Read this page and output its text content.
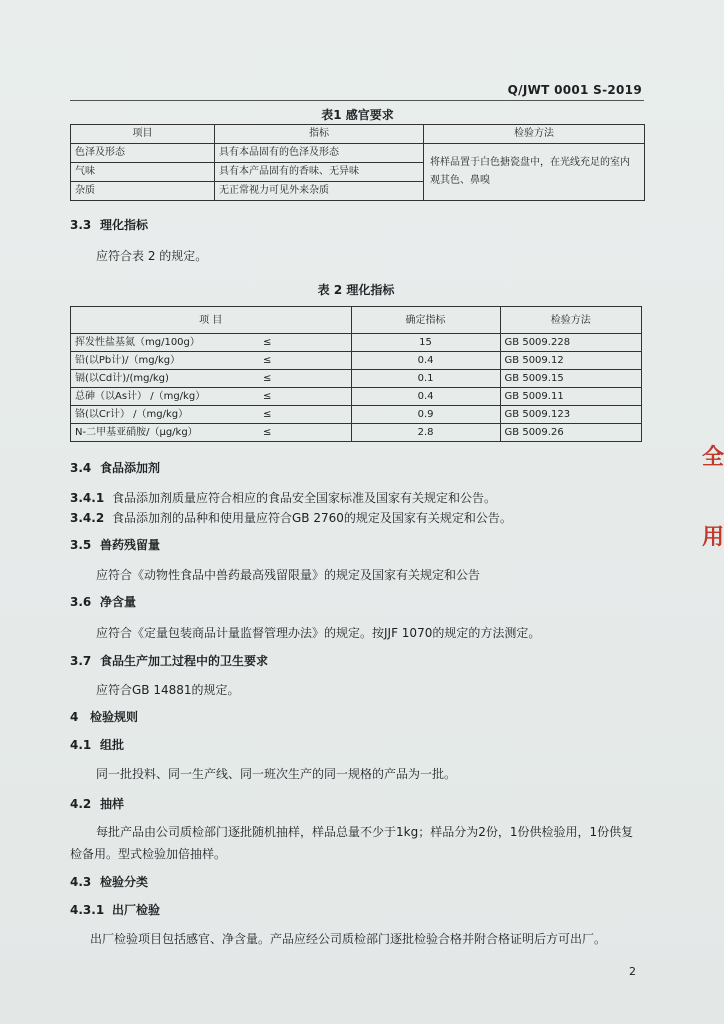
Q/JWT 0001 S-2019
表1 感官要求
项目	指标	检验方法
色泽及形态	具有本品固有的色泽及形态	将样品置于白色搪瓷盘中，在光线充足的室内观其色、鼻嗅
气味	具有本产品固有的香味、无异味	
杂质	无正常视力可见外来杂质	
3.3 理化指标
应符合表 2 的规定。
表 2 理化指标
项 目		确定指标	检验方法
挥发性盐基氮（mg/100g）	≤	15	GB 5009.228
铅(以Pb计)/（mg/kg）	≤	0.4	GB 5009.12
镉(以Cd计)/(mg/kg)	≤	0.1	GB 5009.15
总砷（以As计） /（mg/kg）	≤	0.4	GB 5009.11
铬(以Cr计） /（mg/kg）	≤	0.9	GB 5009.123
N-二甲基亚硝胺/（μg/kg）	≤	2.8	GB 5009.26
3.4 食品添加剂
3.4.1 食品添加剂质量应符合相应的食品安全国家标准及国家有关规定和公告。
3.4.2 食品添加剂的品种和使用量应符合GB 2760的规定及国家有关规定和公告。
3.5 兽药残留量
应符合《动物性食品中兽药最高残留限量》的规定及国家有关规定和公告
3.6 净含量
应符合《定量包装商品计量监督管理办法》的规定。按JJF 1070的规定的方法测定。
3.7 食品生产加工过程中的卫生要求
应符合GB 14881的规定。
4 检验规则
4.1 组批
同一批投料、同一生产线、同一班次生产的同一规格的产品为一批。
4.2 抽样
每批产品由公司质检部门逐批随机抽样，样品总量不少于1kg；样品分为2份，1份供检验用，1份供复检备用。型式检验加倍抽样。
4.3 检验分类
4.3.1 出厂检验
出厂检验项目包括感官、净含量。产品应经公司质检部门逐批检验合格并附合格证明后方可出厂。
2
全
用
